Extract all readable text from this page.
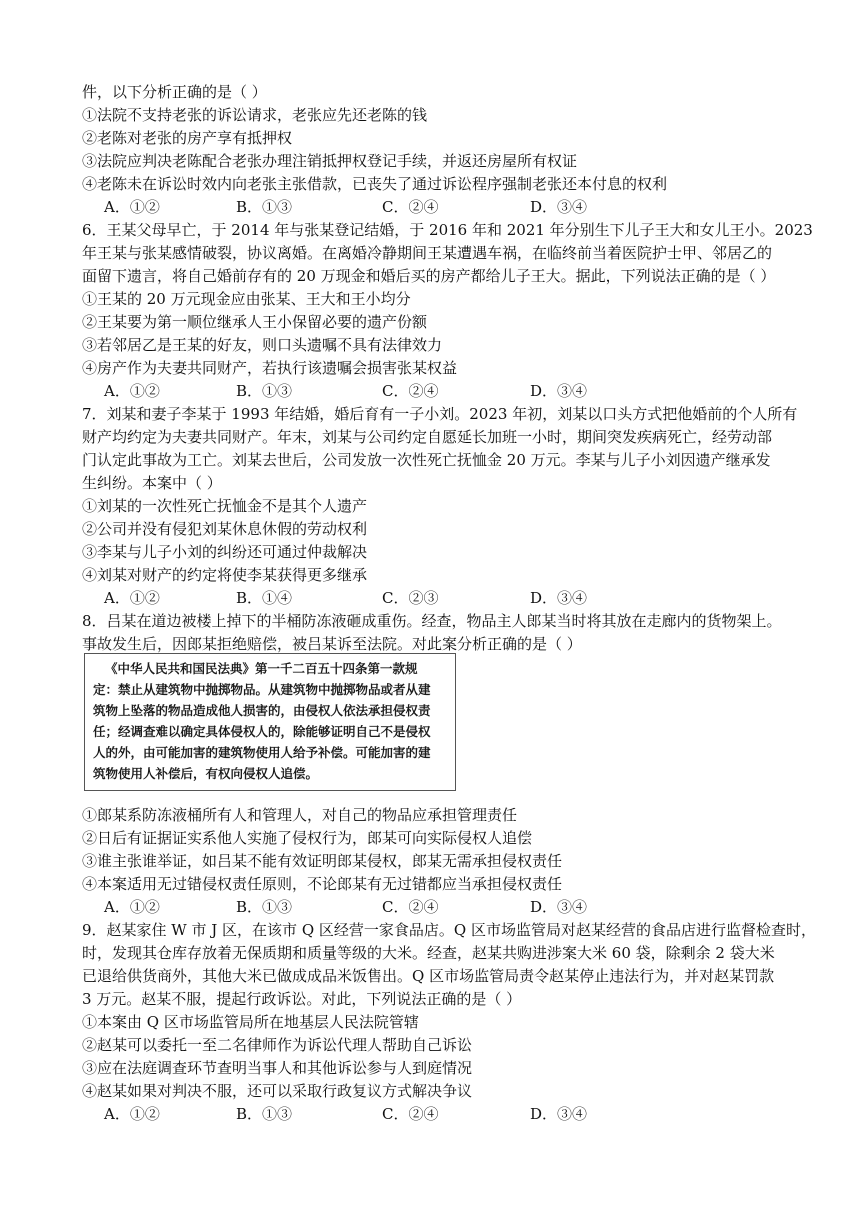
件，以下分析正确的是（ ）
①法院不支持老张的诉讼请求，老张应先还老陈的钱
②老陈对老张的房产享有抵押权
③法院应判决老陈配合老张办理注销抵押权登记手续，并返还房屋所有权证
④老陈未在诉讼时效内向老张主张借款，已丧失了通过诉讼程序强制老张还本付息的权利
A．①②	B．①③	C．②④	D．③④
6．王某父母早亡，于 2014 年与张某登记结婚，于 2016 年和 2021 年分别生下儿子王大和女儿王小。2023
年王某与张某感情破裂，协议离婚。在离婚冷静期间王某遭遇车祸，在临终前当着医院护士甲、邻居乙的
面留下遗言，将自己婚前存有的 20 万现金和婚后买的房产都给儿子王大。据此，下列说法正确的是（ ）
①王某的 20 万元现金应由张某、王大和王小均分
②王某要为第一顺位继承人王小保留必要的遗产份额
③若邻居乙是王某的好友，则口头遗嘱不具有法律效力
④房产作为夫妻共同财产，若执行该遗嘱会损害张某权益
A．①②	B．①③	C．②④	D．③④
7．刘某和妻子李某于 1993 年结婚，婚后育有一子小刘。2023 年初，刘某以口头方式把他婚前的个人所有
财产均约定为夫妻共同财产。年末，刘某与公司约定自愿延长加班一小时，期间突发疾病死亡，经劳动部
门认定此事故为工亡。刘某去世后，公司发放一次性死亡抚恤金 20 万元。李某与儿子小刘因遗产继承发
生纠纷。本案中（ ）
①刘某的一次性死亡抚恤金不是其个人遗产
②公司并没有侵犯刘某休息休假的劳动权利
③李某与儿子小刘的纠纷还可通过仲裁解决
④刘某对财产的约定将使李某获得更多继承
A．①②	B．①④	C．②③	D．③④
8．吕某在道边被楼上掉下的半桶防冻液砸成重伤。经查，物品主人郎某当时将其放在走廊内的货物架上。
事故发生后，因郎某拒绝赔偿，被吕某诉至法院。对此案分析正确的是（ ）
《中华人民共和国民法典》第一千二百五十四条第一款规
定：禁止从建筑物中抛掷物品。从建筑物中抛掷物品或者从建
筑物上坠落的物品造成他人损害的，由侵权人依法承担侵权责
任；经调查难以确定具体侵权人的，除能够证明自己不是侵权
人的外，由可能加害的建筑物使用人给予补偿。可能加害的建
筑物使用人补偿后，有权向侵权人追偿。
①郎某系防冻液桶所有人和管理人，对自己的物品应承担管理责任
②日后有证据证实系他人实施了侵权行为，郎某可向实际侵权人追偿
③谁主张谁举证，如吕某不能有效证明郎某侵权，郎某无需承担侵权责任
④本案适用无过错侵权责任原则，不论郎某有无过错都应当承担侵权责任
A．①②	B．①③	C．②④	D．③④
9．赵某家住 W 市 J 区，在该市 Q 区经营一家食品店。Q 区市场监管局对赵某经营的食品店进行监督检查时，
时，发现其仓库存放着无保质期和质量等级的大米。经查，赵某共购进涉案大米 60 袋，除剩余 2 袋大米
已退给供货商外，其他大米已做成成品米饭售出。Q 区市场监管局责令赵某停止违法行为，并对赵某罚款
3 万元。赵某不服，提起行政诉讼。对此，下列说法正确的是（ ）
①本案由 Q 区市场监管局所在地基层人民法院管辖
②赵某可以委托一至二名律师作为诉讼代理人帮助自己诉讼
③应在法庭调查环节查明当事人和其他诉讼参与人到庭情况
④赵某如果对判决不服，还可以采取行政复议方式解决争议
A．①②	B．①③	C．②④	D．③④
